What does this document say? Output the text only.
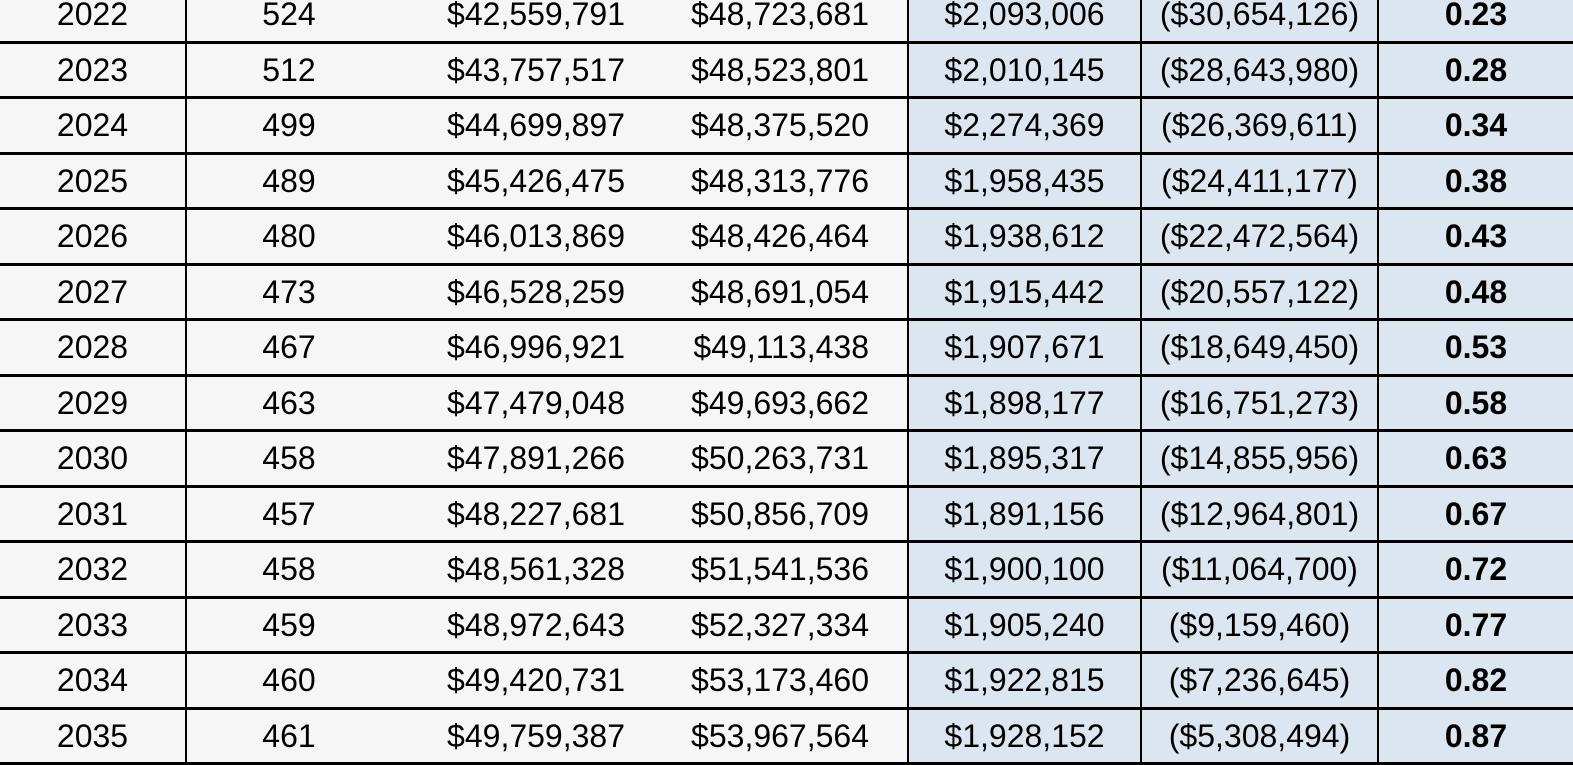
2022	524	$42,559,791	$48,723,681	$2,093,006	($30,654,126)	0.23
2023	512	$43,757,517	$48,523,801	$2,010,145	($28,643,980)	0.28
2024	499	$44,699,897	$48,375,520	$2,274,369	($26,369,611)	0.34
2025	489	$45,426,475	$48,313,776	$1,958,435	($24,411,177)	0.38
2026	480	$46,013,869	$48,426,464	$1,938,612	($22,472,564)	0.43
2027	473	$46,528,259	$48,691,054	$1,915,442	($20,557,122)	0.48
2028	467	$46,996,921	$49,113,438	$1,907,671	($18,649,450)	0.53
2029	463	$47,479,048	$49,693,662	$1,898,177	($16,751,273)	0.58
2030	458	$47,891,266	$50,263,731	$1,895,317	($14,855,956)	0.63
2031	457	$48,227,681	$50,856,709	$1,891,156	($12,964,801)	0.67
2032	458	$48,561,328	$51,541,536	$1,900,100	($11,064,700)	0.72
2033	459	$48,972,643	$52,327,334	$1,905,240	($9,159,460)	0.77
2034	460	$49,420,731	$53,173,460	$1,922,815	($7,236,645)	0.82
2035	461	$49,759,387	$53,967,564	$1,928,152	($5,308,494)	0.87
